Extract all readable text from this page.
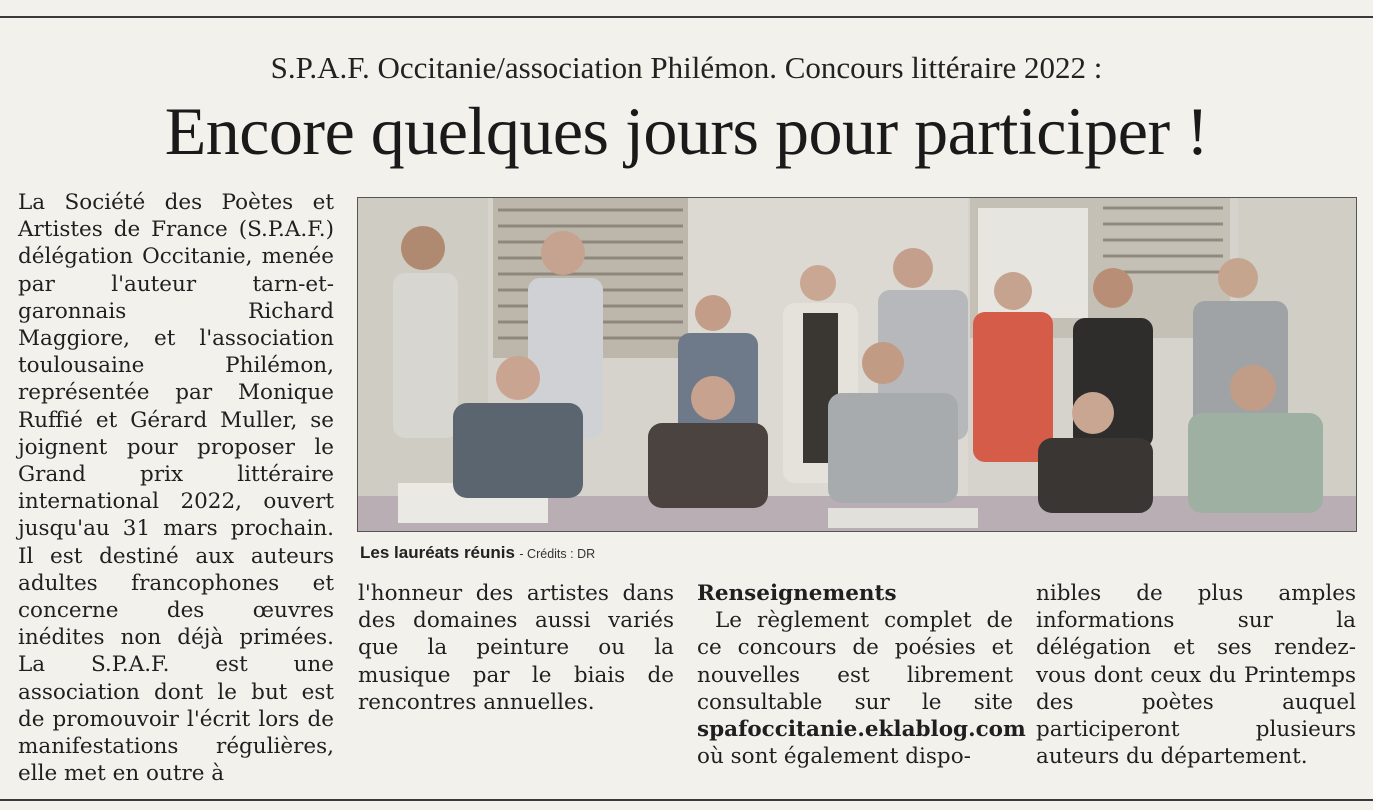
S.P.A.F. Occitanie/association Philémon. Concours littéraire 2022 :
Encore quelques jours pour participer !

La Société des Poètes et Artistes de France (S.P.A.F.) délégation Occitanie, menée par l'auteur tarn-et-garonnais Richard Maggiore, et l'association toulousaine Philémon, représentée par Monique Ruffié et Gérard Muller, se joignent pour proposer le Grand prix littéraire international 2022, ouvert jusqu'au 31 mars prochain. Il est destiné aux auteurs adultes francophones et concerne des œuvres inédites non déjà primées. La S.P.A.F. est une association dont le but est de promouvoir l'écrit lors de manifestations régulières, elle met en outre à

Les lauréats réunis - Crédits : DR

l'honneur des artistes dans des domaines aussi variés que la peinture ou la musique par le biais de rencontres annuelles.

Renseignements

Le règlement complet de ce concours de poésies et nouvelles est librement consultable sur le site spafoccitanie.eklablog.com où sont également dispo-

nibles de plus amples informations sur la délégation et ses rendez-vous dont ceux du Printemps des poètes auquel participeront plusieurs auteurs du département.
